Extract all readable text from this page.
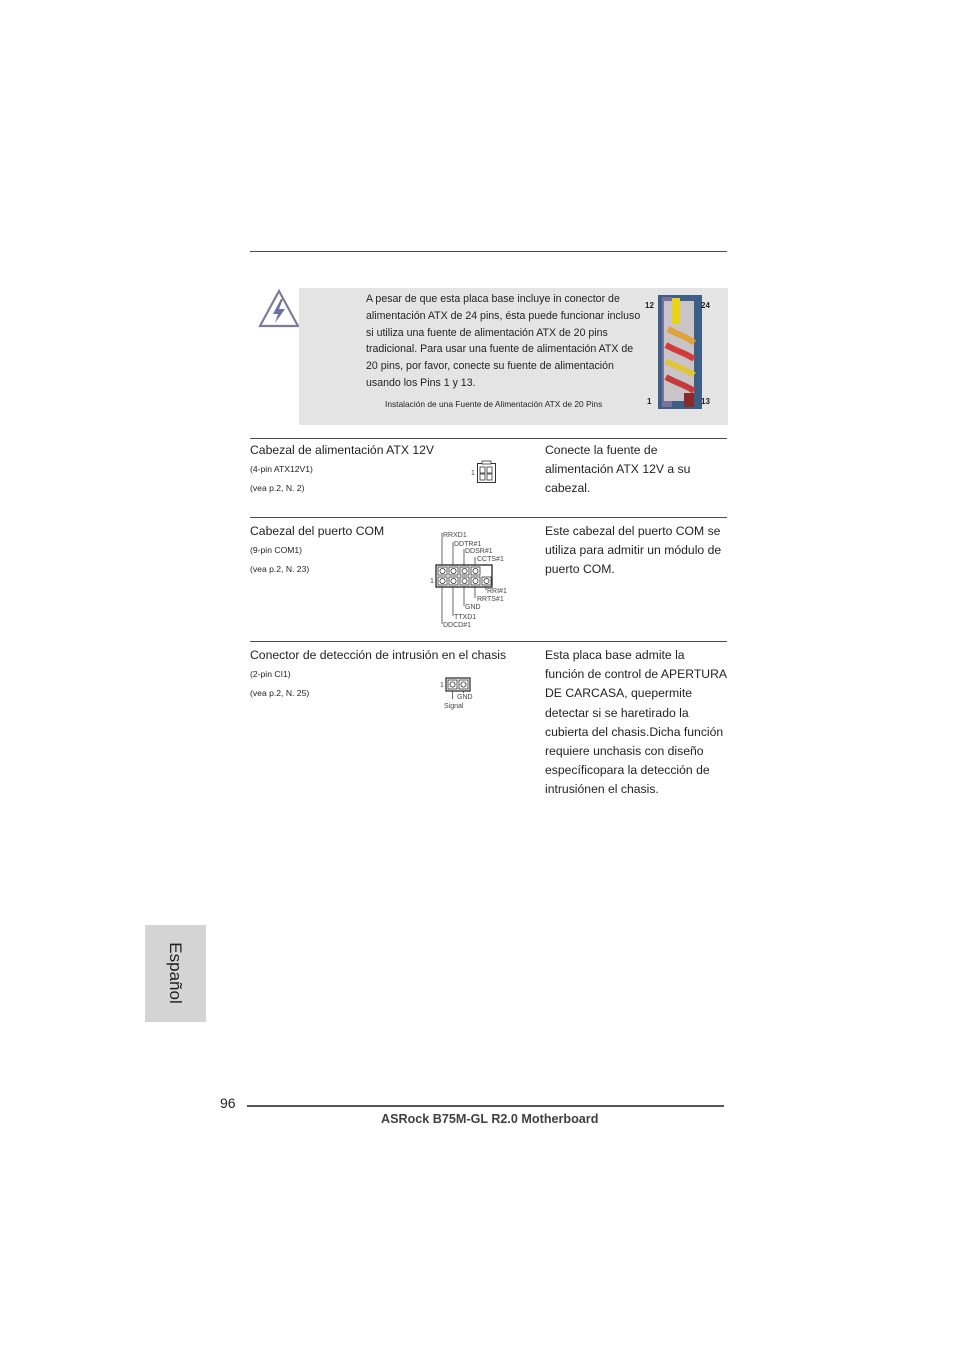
A pesar de que esta placa base incluye in conector de alimentación ATX de 24 pins, ésta puede funcionar incluso si utiliza una fuente de alimentación ATX de 20 pins tradicional. Para usar una fuente de alimentación ATX de 20 pins, por favor, conecte su fuente de alimentación usando los Pins 1 y 13.
Instalación de una Fuente de Alimentación ATX de 20 Pins
12	24
1	13
Cabezal de alimentación ATX 12V
(4-pin ATX12V1)
(vea p.2, N. 2)
1
Conecte la fuente de alimentación ATX 12V a su cabezal.
Cabezal del puerto COM
(9-pin COM1)
(vea p.2, N. 23)
RRXD1
DDTR#1
DDSR#1
CCTS#1
1
RRI#1
RRTS#1
GND
TTXD1
DDCD#1
Este cabezal del puerto COM se utiliza para admitir un módulo de puerto COM.
Conector de detección de intrusión en el chasis
(2-pin CI1)
(vea p.2, N. 25)
1
GND
Signal
Esta placa base admite la función de control de APERTURA DE CARCASA, quepermite detectar si se haretirado la cubierta del chasis.Dicha función requiere unchasis con diseño específicopara la detección de intrusiónen el chasis.
Español
96
ASRock B75M-GL R2.0 Motherboard
